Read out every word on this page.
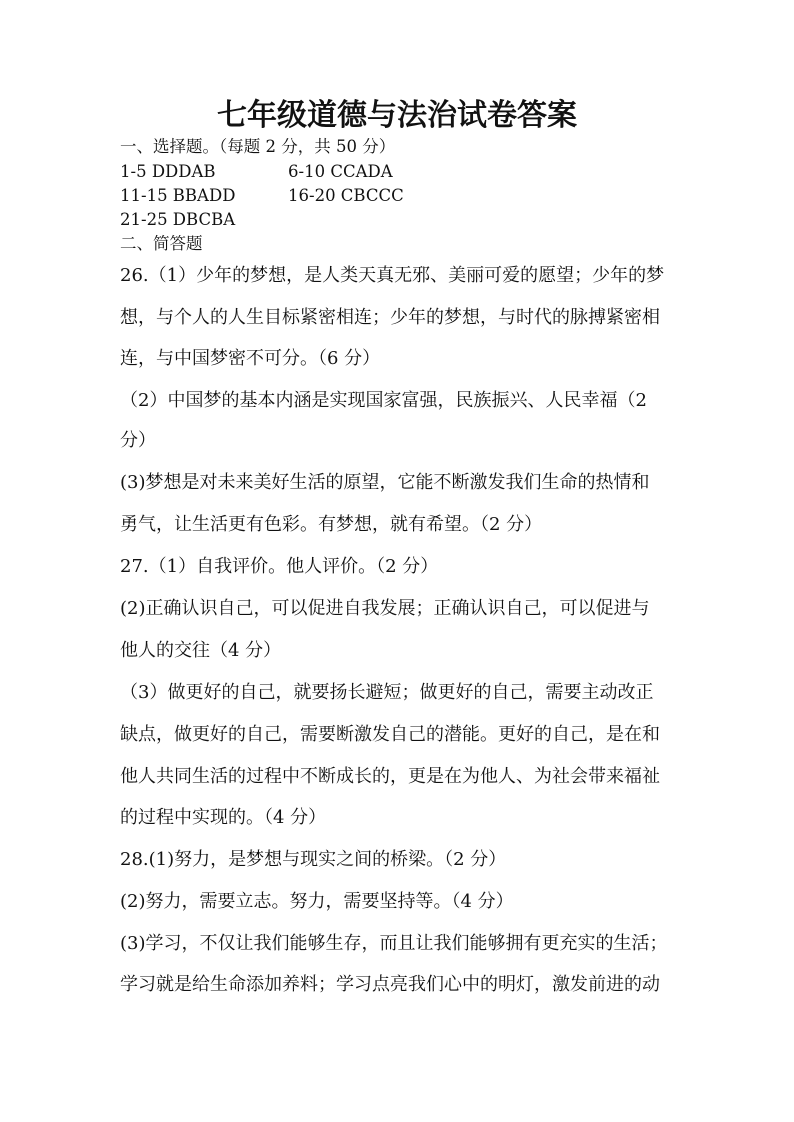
七年级道德与法治试卷答案
一、选择题。（每题 2 分，共 50 分）
1-5 DDDAB	6-10 CCADA
11-15 BBADD	16-20 CBCCC
21-25 DBCBA
二、简答题
26.（1）少年的梦想，是人类天真无邪、美丽可爱的愿望；少年的梦
想，与个人的人生目标紧密相连；少年的梦想，与时代的脉搏紧密相
连，与中国梦密不可分。（6 分）
（2）中国梦的基本内涵是实现国家富强，民族振兴、人民幸福（2
分）
(3)梦想是对未来美好生活的原望，它能不断激发我们生命的热情和
勇气，让生活更有色彩。有梦想，就有希望。（2 分）
27.（1）自我评价。他人评价。（2 分）
(2)正确认识自己，可以促进自我发展；正确认识自己，可以促进与
他人的交往（4 分）
（3）做更好的自己，就要扬长避短；做更好的自己，需要主动改正
缺点，做更好的自己，需要断激发自己的潜能。更好的自己，是在和
他人共同生活的过程中不断成长的，更是在为他人、为社会带来福祉
的过程中实现的。（4 分）
28.(1)努力，是梦想与现实之间的桥梁。（2 分）
(2)努力，需要立志。努力，需要坚持等。（4 分）
(3)学习，不仅让我们能够生存，而且让我们能够拥有更充实的生活；
学习就是给生命添加养料；学习点亮我们心中的明灯，激发前进的动
